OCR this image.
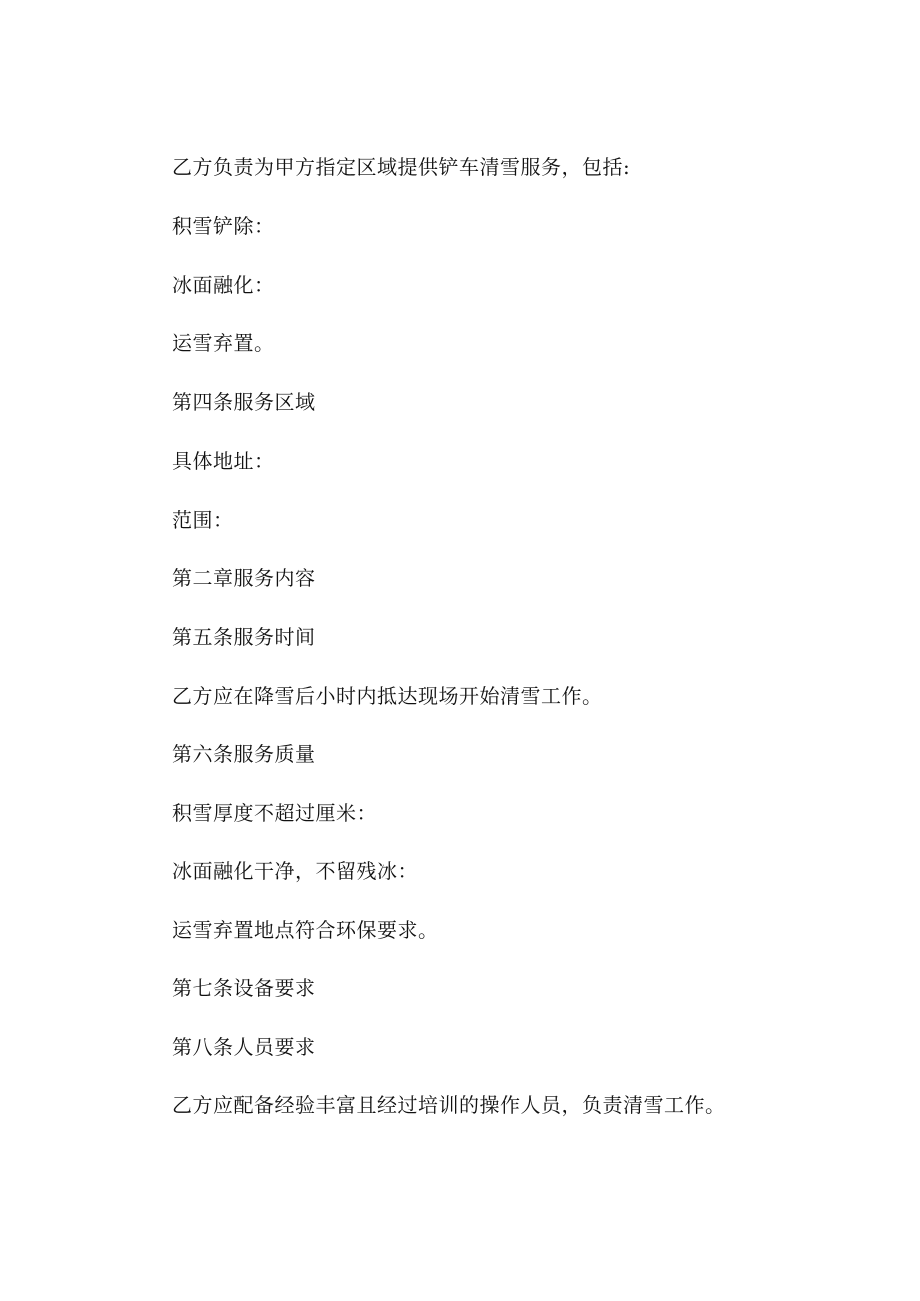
乙方负责为甲方指定区域提供铲车清雪服务，包括:

积雪铲除：

冰面融化：

运雪弃置。

第四条服务区域

具体地址：

范围：

第二章服务内容

第五条服务时间

乙方应在降雪后小时内抵达现场开始清雪工作。

第六条服务质量

积雪厚度不超过厘米：

冰面融化干净，不留残冰：

运雪弃置地点符合环保要求。

第七条设备要求

第八条人员要求

乙方应配备经验丰富且经过培训的操作人员，负责清雪工作。
